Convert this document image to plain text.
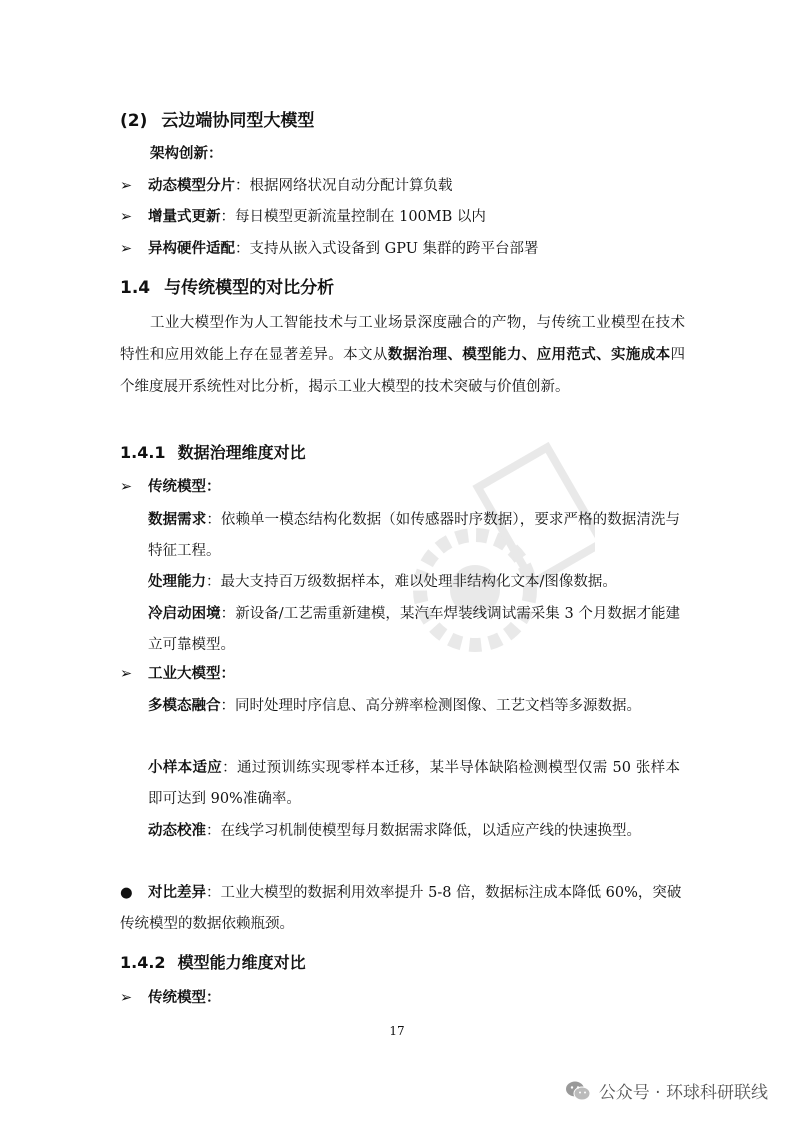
(2) 云边端协同型大模型
架构创新：
➢ 动态模型分片：根据网络状况自动分配计算负载
➢ 增量式更新：每日模型更新流量控制在 100MB 以内
➢ 异构硬件适配：支持从嵌入式设备到 GPU 集群的跨平台部署
1.4 与传统模型的对比分析
工业大模型作为人工智能技术与工业场景深度融合的产物，与传统工业模型在技术特性和应用效能上存在显著差异。本文从数据治理、模型能力、应用范式、实施成本四个维度展开系统性对比分析，揭示工业大模型的技术突破与价值创新。
1.4.1 数据治理维度对比
➢ 传统模型：
数据需求：依赖单一模态结构化数据（如传感器时序数据），要求严格的数据清洗与特征工程。
处理能力：最大支持百万级数据样本，难以处理非结构化文本/图像数据。
冷启动困境：新设备/工艺需重新建模，某汽车焊装线调试需采集 3 个月数据才能建立可靠模型。
➢ 工业大模型：
多模态融合：同时处理时序信息、高分辨率检测图像、工艺文档等多源数据。
小样本适应：通过预训练实现零样本迁移，某半导体缺陷检测模型仅需 50 张样本即可达到 90%准确率。
动态校准：在线学习机制使模型每月数据需求降低，以适应产线的快速换型。
● 对比差异：工业大模型的数据利用效率提升 5-8 倍，数据标注成本降低 60%，突破传统模型的数据依赖瓶颈。
1.4.2 模型能力维度对比
➢ 传统模型：
17
公众号 · 环球科研联线
